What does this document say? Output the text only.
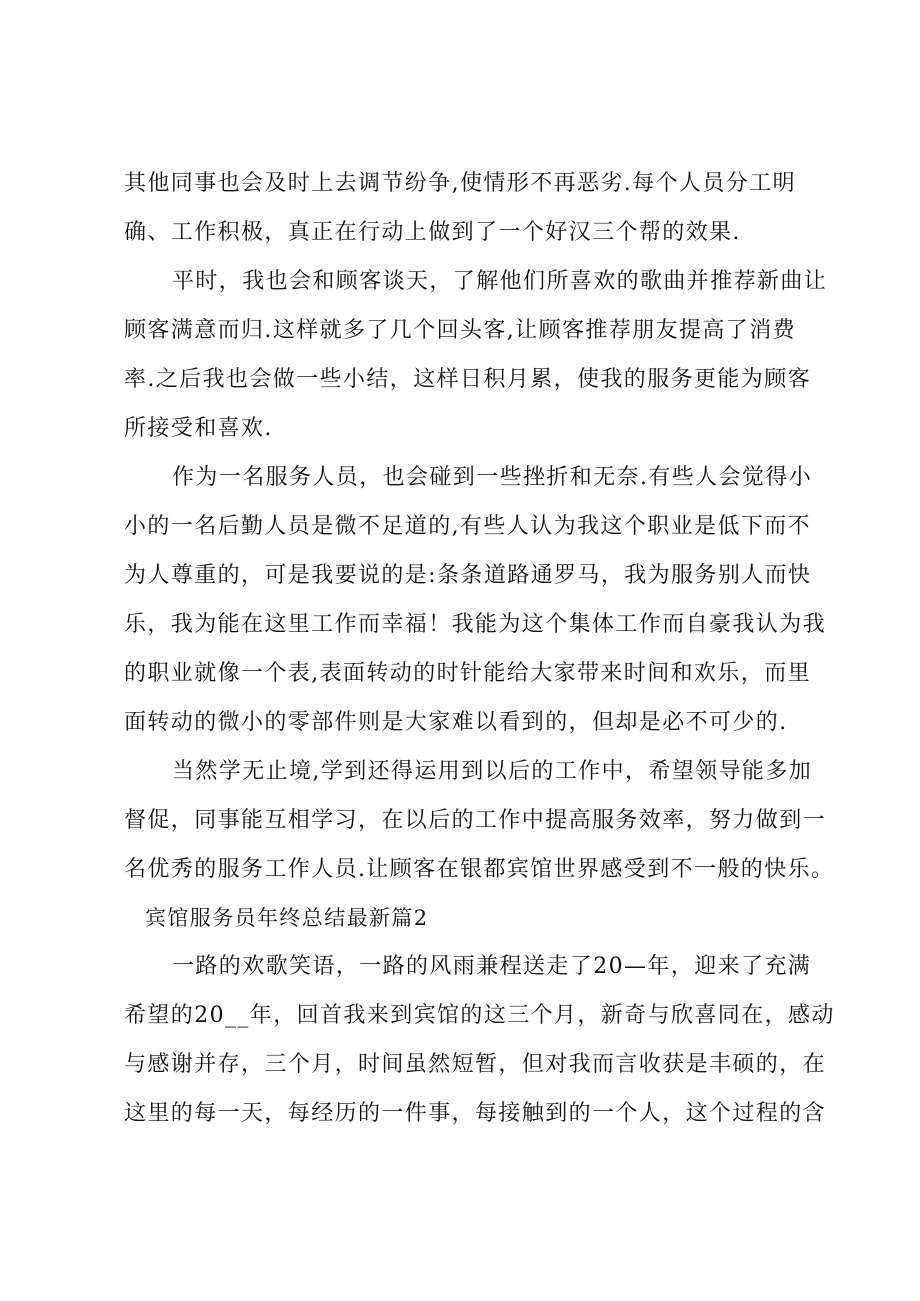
其他同事也会及时上去调节纷争,使情形不再恶劣.每个人员分工明
确、工作积极，真正在行动上做到了一个好汉三个帮的效果.
平时，我也会和顾客谈天，了解他们所喜欢的歌曲并推荐新曲让
顾客满意而归.这样就多了几个回头客,让顾客推荐朋友提高了消费
率.之后我也会做一些小结，这样日积月累，使我的服务更能为顾客
所接受和喜欢.
作为一名服务人员，也会碰到一些挫折和无奈.有些人会觉得小
小的一名后勤人员是微不足道的,有些人认为我这个职业是低下而不
为人尊重的，可是我要说的是:条条道路通罗马，我为服务别人而快
乐，我为能在这里工作而幸福！我能为这个集体工作而自豪我认为我
的职业就像一个表,表面转动的时针能给大家带来时间和欢乐，而里
面转动的微小的零部件则是大家难以看到的，但却是必不可少的.
当然学无止境,学到还得运用到以后的工作中，希望领导能多加
督促，同事能互相学习，在以后的工作中提高服务效率，努力做到一
名优秀的服务工作人员.让顾客在银都宾馆世界感受到不一般的快乐。
宾馆服务员年终总结最新篇2
一路的欢歌笑语，一路的风雨兼程送走了20—年，迎来了充满
希望的20__年，回首我来到宾馆的这三个月，新奇与欣喜同在，感动
与感谢并存，三个月，时间虽然短暂，但对我而言收获是丰硕的，在
这里的每一天，每经历的一件事，每接触到的一个人，这个过程的含
